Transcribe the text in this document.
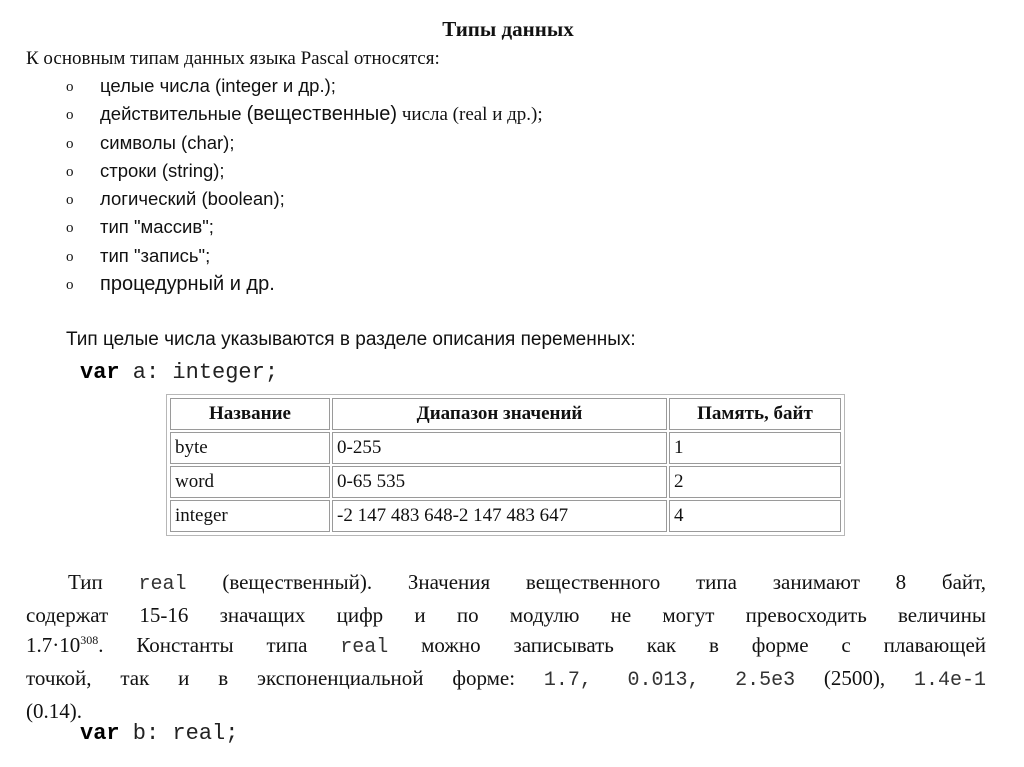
Типы данных
К основным типам данных языка Pascal относятся:
o целые числа (integer и др.);
o действительные (вещественные) числа (real и др.);
o символы (char);
o строки (string);
o логический (boolean);
o тип "массив";
o тип "запись";
o процедурный и др.
Тип целые числа указываются в разделе описания переменных:
var a: integer;
Название	Диапазон значений	Память, байт
byte	0-255	1
word	0-65 535	2
integer	-2 147 483 648-2 147 483 647	4
  Тип real (вещественный). Значения вещественного типа занимают 8 байт,
содержат 15-16 значащих цифр и по модулю не могут превосходить величины
$1.7\cdot 10^{308}$. Константы типа real можно записывать как в форме с плавающей
точкой, так и в экспоненциальной форме: 1.7, 0.013, 2.5e3 (2500), 1.4e-1
(0.14).
var b: real;
